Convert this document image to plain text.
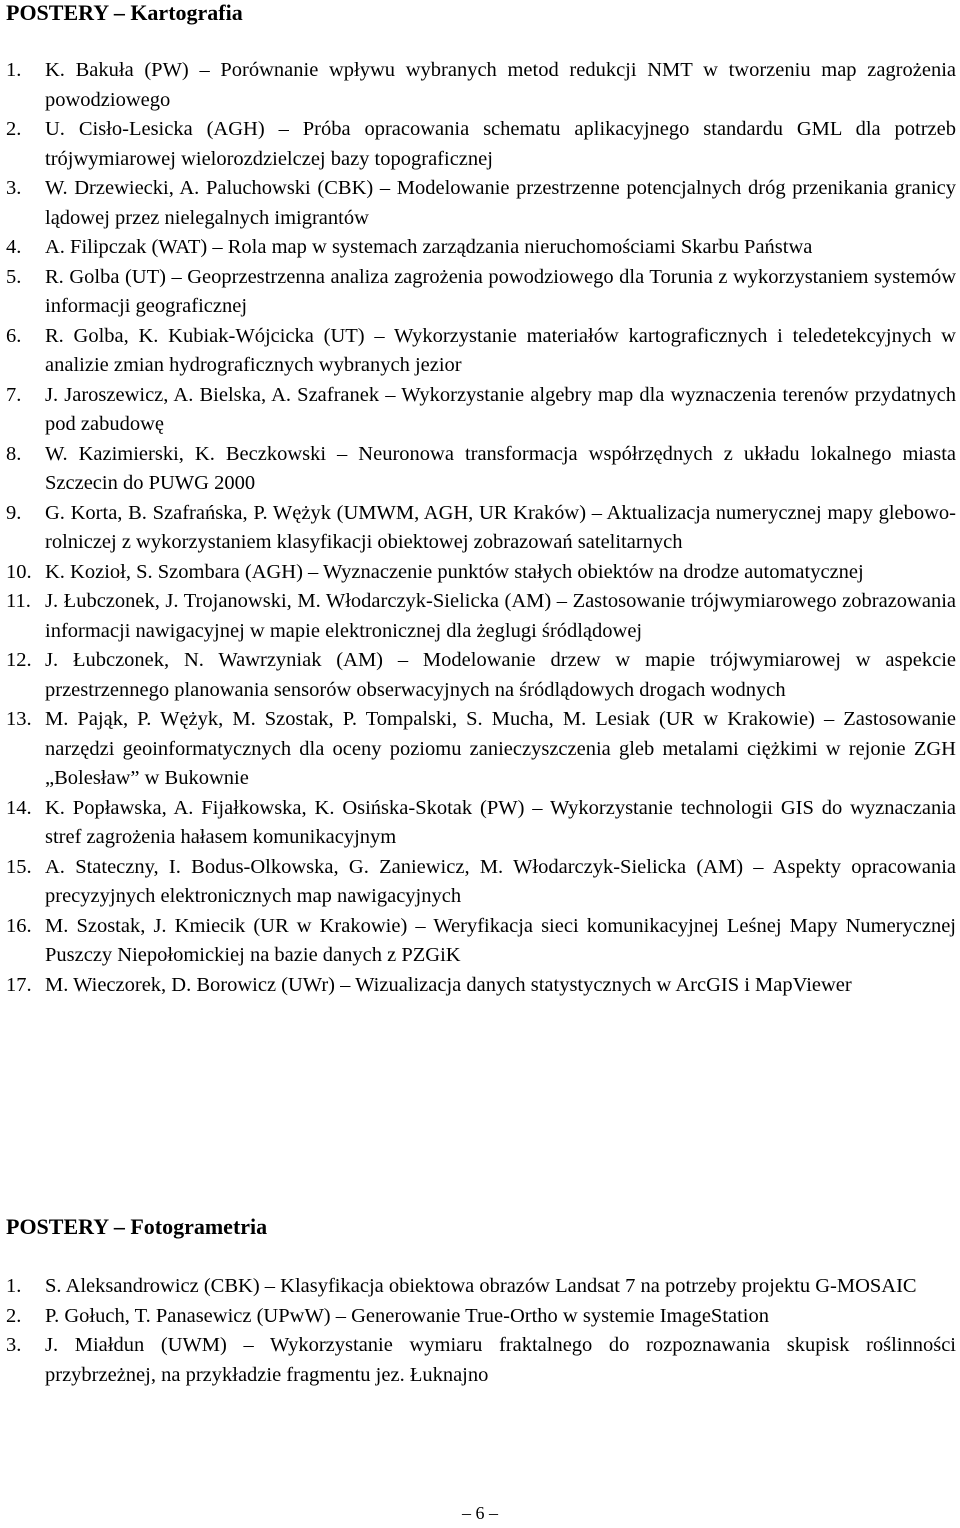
POSTERY – Kartografia
1. K. Bakuła (PW) – Porównanie wpływu wybranych metod redukcji NMT w tworzeniu map zagrożenia powodziowego
2. U. Cisło-Lesicka (AGH) – Próba opracowania schematu aplikacyjnego standardu GML dla potrzeb trójwymiarowej wielorozdzielczej bazy topograficznej
3. W. Drzewiecki, A. Paluchowski (CBK) – Modelowanie przestrzenne potencjalnych dróg przenikania granicy lądowej przez nielegalnych imigrantów
4. A. Filipczak (WAT) – Rola map w systemach zarządzania nieruchomościami Skarbu Państwa
5. R. Golba (UT) – Geoprzestrzenna analiza zagrożenia powodziowego dla Torunia z wykorzystaniem systemów informacji geograficznej
6. R. Golba, K. Kubiak-Wójcicka (UT) – Wykorzystanie materiałów kartograficznych i teledetekcyjnych w analizie zmian hydrograficznych wybranych jezior
7. J. Jaroszewicz, A. Bielska, A. Szafranek – Wykorzystanie algebry map dla wyznaczenia terenów przydatnych pod zabudowę
8. W. Kazimierski, K. Beczkowski – Neuronowa transformacja współrzędnych z układu lokalnego miasta Szczecin do PUWG 2000
9. G. Korta, B. Szafrańska, P. Wężyk (UMWM, AGH, UR Kraków) – Aktualizacja numerycznej mapy glebowo-rolniczej z wykorzystaniem klasyfikacji obiektowej zobrazowań satelitarnych
10. K. Kozioł, S. Szombara (AGH) – Wyznaczenie punktów stałych obiektów na drodze automatycznej
11. J. Łubczonek, J. Trojanowski, M. Włodarczyk-Sielicka (AM) – Zastosowanie trójwymiarowego zobrazowania informacji nawigacyjnej w mapie elektronicznej dla żeglugi śródlądowej
12. J. Łubczonek, N. Wawrzyniak (AM) – Modelowanie drzew w mapie trójwymiarowej w aspekcie przestrzennego planowania sensorów obserwacyjnych na śródlądowych drogach wodnych
13. M. Pająk, P. Wężyk, M. Szostak, P. Tompalski, S. Mucha, M. Lesiak (UR w Krakowie) – Zastosowanie narzędzi geoinformatycznych dla oceny poziomu zanieczyszczenia gleb metalami ciężkimi w rejonie ZGH „Bolesław” w Bukownie
14. K. Popławska, A. Fijałkowska, K. Osińska-Skotak (PW) – Wykorzystanie technologii GIS do wyznaczania stref zagrożenia hałasem komunikacyjnym
15. A. Stateczny, I. Bodus-Olkowska, G. Zaniewicz, M. Włodarczyk-Sielicka (AM) – Aspekty opracowania precyzyjnych elektronicznych map nawigacyjnych
16. M. Szostak, J. Kmiecik (UR w Krakowie) – Weryfikacja sieci komunikacyjnej Leśnej Mapy Numerycznej Puszczy Niepołomickiej na bazie danych z PZGiK
17. M. Wieczorek, D. Borowicz (UWr) – Wizualizacja danych statystycznych w ArcGIS i MapViewer
POSTERY – Fotogrametria
1. S. Aleksandrowicz (CBK) – Klasyfikacja obiektowa obrazów Landsat 7 na potrzeby projektu G-MOSAIC
2. P. Gołuch, T. Panasewicz (UPwW) – Generowanie True-Ortho w systemie ImageStation
3. J. Miałdun (UWM) – Wykorzystanie wymiaru fraktalnego do rozpoznawania skupisk roślinności przybrzeżnej, na przykładzie fragmentu jez. Łuknajno
– 6 –
